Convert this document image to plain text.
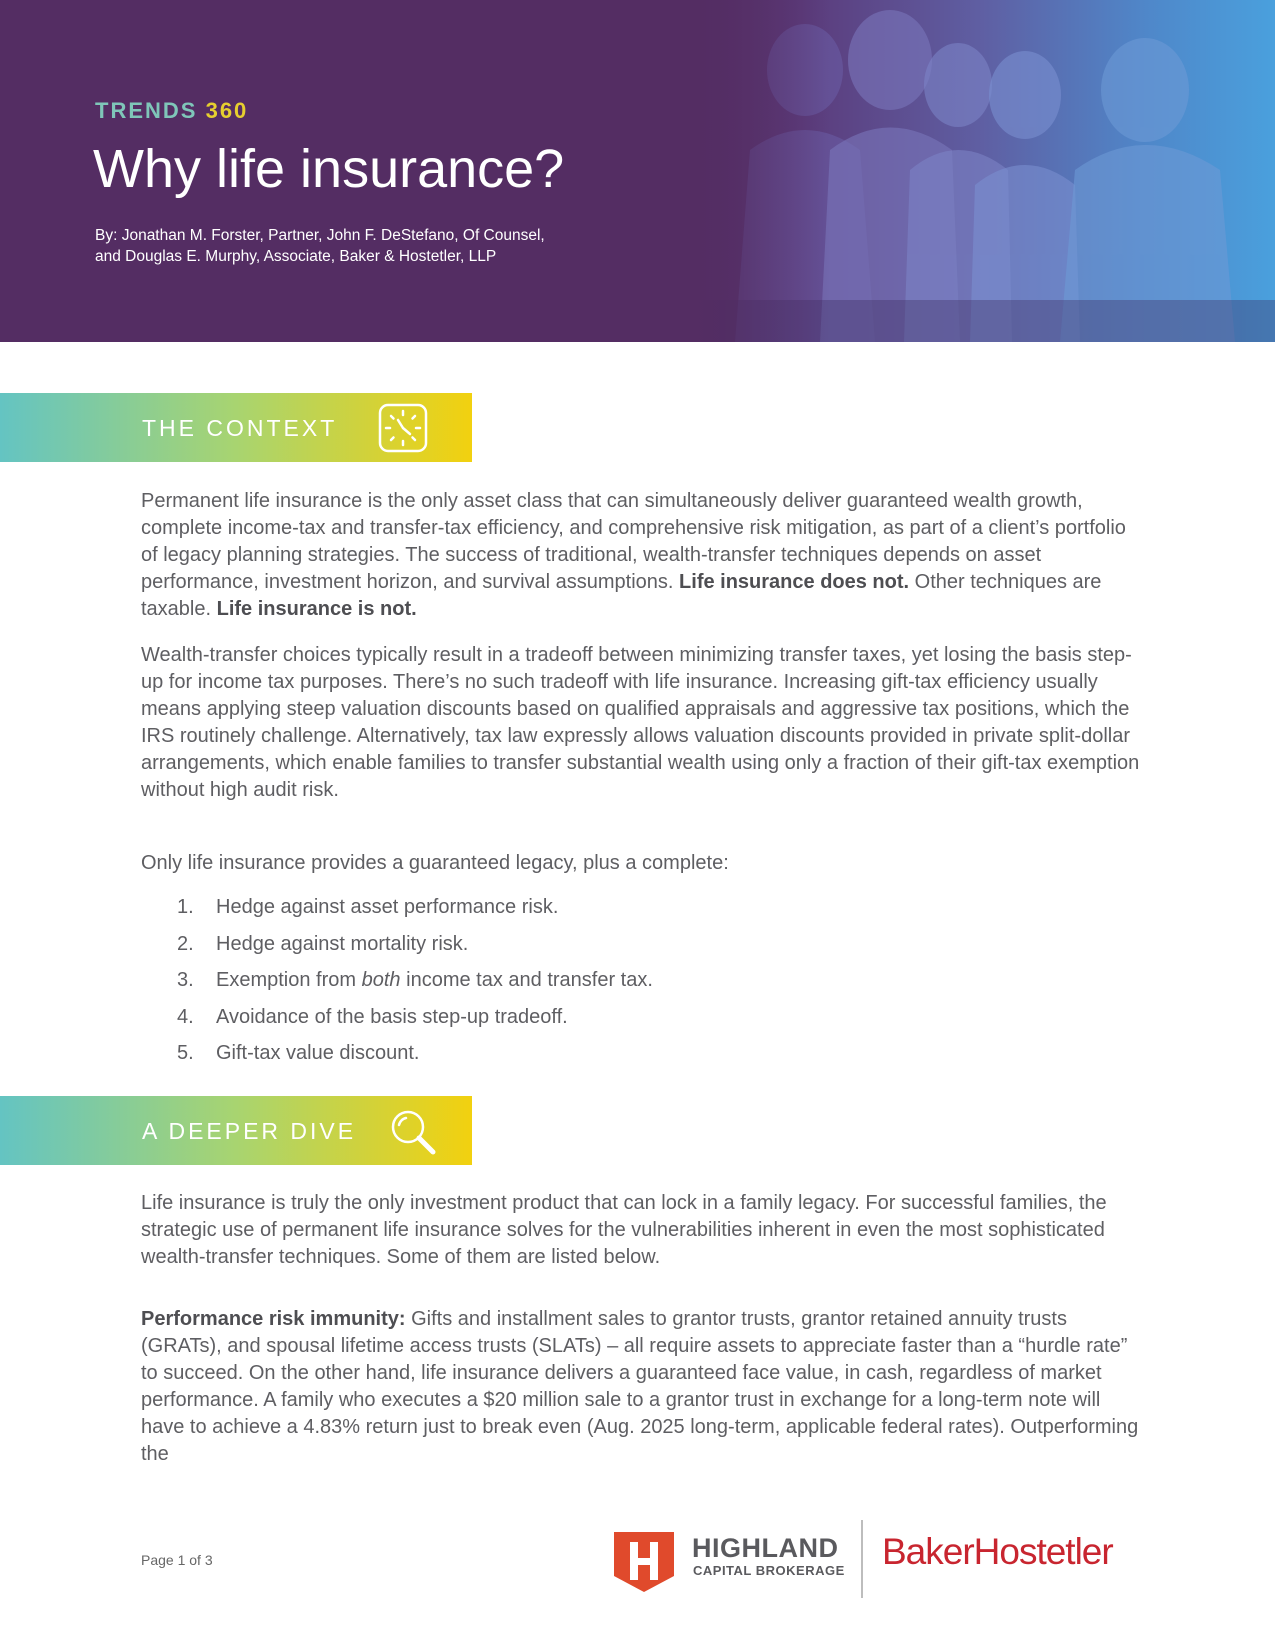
TRENDS 360
Why life insurance?
By: Jonathan M. Forster, Partner, John F. DeStefano, Of Counsel,
and Douglas E. Murphy, Associate, Baker & Hostetler, LLP
THE CONTEXT

Permanent life insurance is the only asset class that can simultaneously deliver guaranteed wealth growth, complete income-tax and transfer-tax efficiency, and comprehensive risk mitigation, as part of a client’s portfolio of legacy planning strategies. The success of traditional, wealth-transfer techniques depends on asset performance, investment horizon, and survival assumptions. Life insurance does not. Other techniques are taxable. Life insurance is not.

Wealth-transfer choices typically result in a tradeoff between minimizing transfer taxes, yet losing the basis step-up for income tax purposes. There’s no such tradeoff with life insurance. Increasing gift-tax efficiency usually means applying steep valuation discounts based on qualified appraisals and aggressive tax positions, which the IRS routinely challenge. Alternatively, tax law expressly allows valuation discounts provided in private split-dollar arrangements, which enable families to transfer substantial wealth using only a fraction of their gift-tax exemption without high audit risk.

Only life insurance provides a guaranteed legacy, plus a complete:

1. Hedge against asset performance risk.
2. Hedge against mortality risk.
3. Exemption from both income tax and transfer tax.
4. Avoidance of the basis step-up tradeoff.
5. Gift-tax value discount.
A DEEPER DIVE

Life insurance is truly the only investment product that can lock in a family legacy. For successful families, the strategic use of permanent life insurance solves for the vulnerabilities inherent in even the most sophisticated wealth-transfer techniques. Some of them are listed below.

Performance risk immunity: Gifts and installment sales to grantor trusts, grantor retained annuity trusts (GRATs), and spousal lifetime access trusts (SLATs) – all require assets to appreciate faster than a “hurdle rate” to succeed. On the other hand, life insurance delivers a guaranteed face value, in cash, regardless of market performance. A family who executes a $20 million sale to a grantor trust in exchange for a long-term note will have to achieve a 4.83% return just to break even (Aug. 2025 long-term, applicable federal rates). Outperforming the

Page 1 of 3	HIGHLAND
CAPITAL BROKERAGE BakerHostetler
